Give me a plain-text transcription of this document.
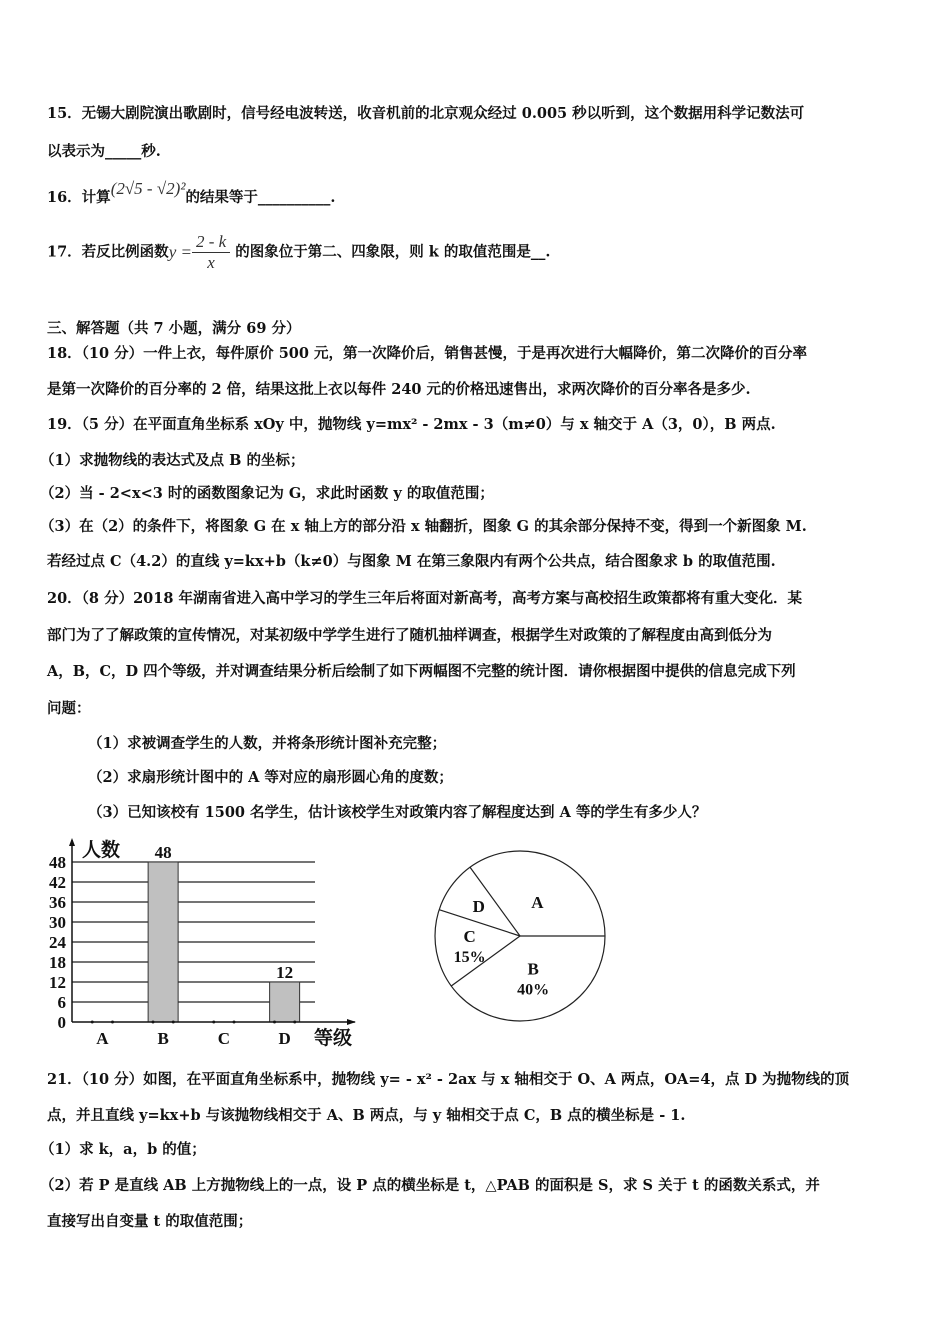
15．无锡大剧院演出歌剧时，信号经电波转送，收音机前的北京观众经过 0.005 秒以听到，这个数据用科学记数法可
以表示为_____秒.
16．计算(2√5 - √2)²的结果等于__________.
17．若反比例函数$y = \frac{2 - k}{x}$ 的图象位于第二、四象限，则 k 的取值范围是__.
三、解答题（共 7 小题，满分 69 分）
18．（10 分）一件上衣，每件原价 500 元，第一次降价后，销售甚慢，于是再次进行大幅降价，第二次降价的百分率
是第一次降价的百分率的 2 倍，结果这批上衣以每件 240 元的价格迅速售出，求两次降价的百分率各是多少.
19．（5 分）在平面直角坐标系 xOy 中，抛物线 y=mx² - 2mx - 3（m≠0）与 x 轴交于 A（3，0），B 两点.
（1）求抛物线的表达式及点 B 的坐标；
（2）当 - 2<x<3 时的函数图象记为 G，求此时函数 y 的取值范围；
（3）在（2）的条件下，将图象 G 在 x 轴上方的部分沿 x 轴翻折，图象 G 的其余部分保持不变，得到一个新图象 M.
若经过点 C（4.2）的直线 y=kx+b（k≠0）与图象 M 在第三象限内有两个公共点，结合图象求 b 的取值范围.
20．（8 分）2018 年湖南省进入高中学习的学生三年后将面对新高考，高考方案与高校招生政策都将有重大变化．某
部门为了了解政策的宣传情况，对某初级中学学生进行了随机抽样调查，根据学生对政策的了解程度由高到低分为
A，B，C，D 四个等级，并对调查结果分析后绘制了如下两幅图不完整的统计图．请你根据图中提供的信息完成下列
问题：
（1）求被调查学生的人数，并将条形统计图补充完整；
（2）求扇形统计图中的 A 等对应的扇形圆心角的度数；
（3）已知该校有 1500 名学生，估计该校学生对政策内容了解程度达到 A 等的学生有多少人？
0
6
12
18
24
30
36
42
48
A
48
B	C
12
D
人数
等级
B
40%
C
15%
D	A
21．（10 分）如图，在平面直角坐标系中，抛物线 y= - x² - 2ax 与 x 轴相交于 O、A 两点，OA=4，点 D 为抛物线的顶
点，并且直线 y=kx+b 与该抛物线相交于 A、B 两点，与 y 轴相交于点 C，B 点的横坐标是 - 1.
（1）求 k，a，b 的值；
（2）若 P 是直线 AB 上方抛物线上的一点，设 P 点的横坐标是 t，△PAB 的面积是 S，求 S 关于 t 的函数关系式，并
直接写出自变量 t 的取值范围；
